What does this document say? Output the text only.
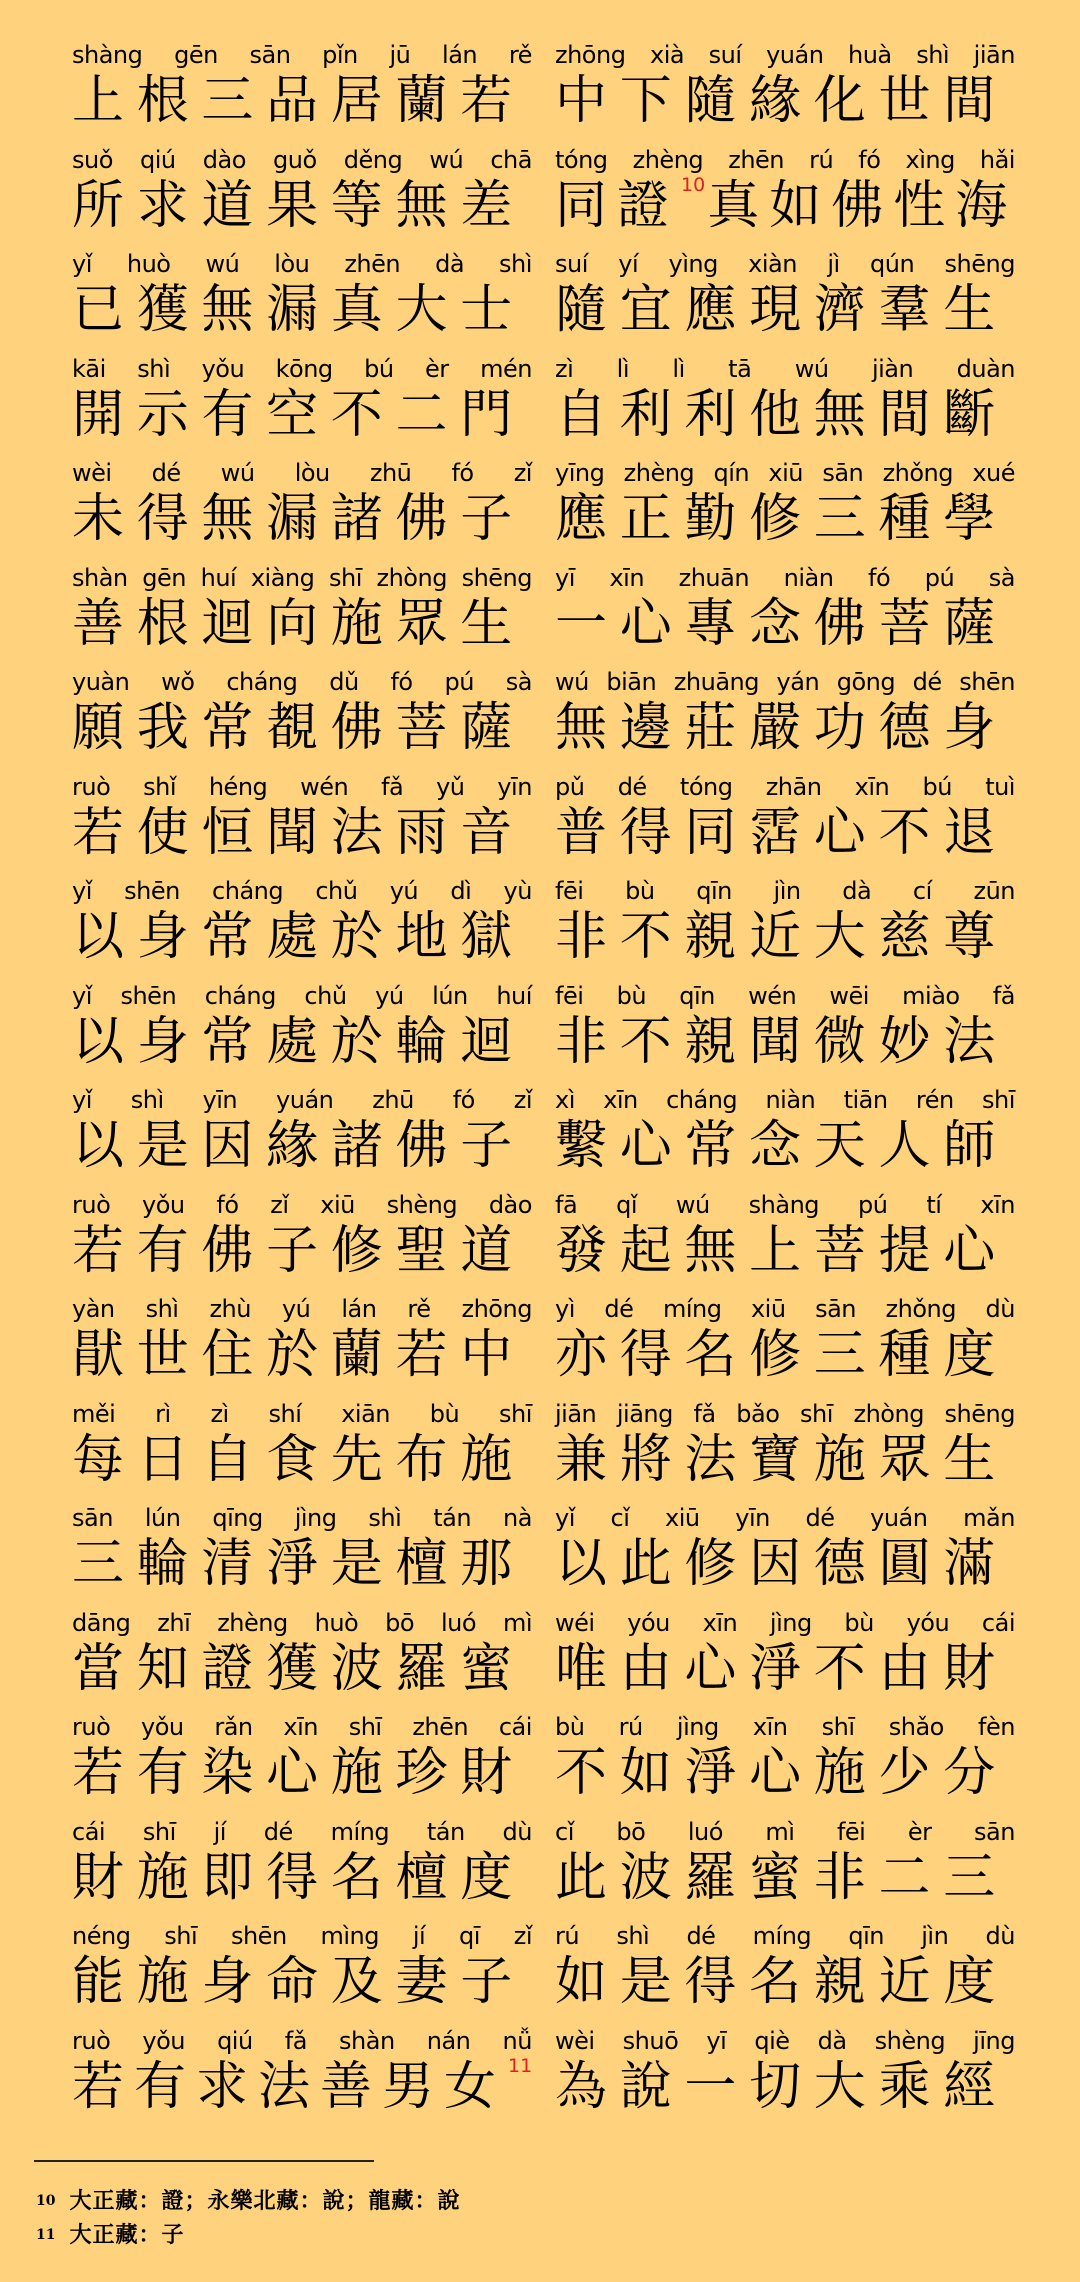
shàng gēn sān pǐn jū lán rě
上根三品居蘭若
zhōng xià suí yuán huà shì jiān
中下隨緣化世間
suǒ qiú dào guǒ děng wú chā
所求道果等無差
tóng zhèng zhēn rú fó xìng hǎi
同證 $^{10}$真如佛性海
yǐ huò wú lòu zhēn dà shì
已獲無漏真大士
suí yí yìng xiàn jì qún shēng
隨宜應現濟羣生
kāi shì yǒu kōng bú èr mén
開示有空不二門
zì lì lì tā wú jiàn duàn
自利利他無間斷
wèi dé wú lòu zhū fó zǐ
未得無漏諸佛子
yīng zhèng qín xiū sān zhǒng xué
應正勤修三種學
shàn gēn huí xiàng shī zhòng shēng
善根迴向施眾生
yī xīn zhuān niàn fó pú sà
一心專念佛菩薩
yuàn wǒ cháng dǔ fó pú sà
願我常覩佛菩薩
wú biān zhuāng yán gōng dé shēn
無邊莊嚴功德身
ruò shǐ héng wén fǎ yǔ yīn
若使恒聞法雨音
pǔ dé tóng zhān xīn bú tuì
普得同霑心不退
yǐ shēn cháng chǔ yú dì yù
以身常處於地獄
fēi bù qīn jìn dà cí zūn
非不親近大慈尊
yǐ shēn cháng chǔ yú lún huí
以身常處於輪迴
fēi bù qīn wén wēi miào fǎ
非不親聞微妙法
yǐ shì yīn yuán zhū fó zǐ
以是因緣諸佛子
xì xīn cháng niàn tiān rén shī
繫心常念天人師
ruò yǒu fó zǐ xiū shèng dào
若有佛子修聖道
fā qǐ wú shàng pú tí xīn
發起無上菩提心
yàn shì zhù yú lán rě zhōng
猒世住於蘭若中
yì dé míng xiū sān zhǒng dù
亦得名修三種度
měi rì zì shí xiān bù shī
每日自食先布施
jiān jiāng fǎ bǎo shī zhòng shēng
兼將法寶施眾生
sān lún qīng jìng shì tán nà
三輪清淨是檀那
yǐ cǐ xiū yīn dé yuán mǎn
以此修因德圓滿
dāng zhī zhèng huò bō luó mì
當知證獲波羅蜜
wéi yóu xīn jìng bù yóu cái
唯由心淨不由財
ruò yǒu rǎn xīn shī zhēn cái
若有染心施珍財
bù rú jìng xīn shī shǎo fèn
不如淨心施少分
cái shī jí dé míng tán dù
財施即得名檀度
cǐ bō luó mì fēi èr sān
此波羅蜜非二三
néng shī shēn mìng jí qī zǐ
能施身命及妻子
rú shì dé míng qīn jìn dù
如是得名親近度
ruò yǒu qiú fǎ shàn nán nǚ
若有求法善男女 $^{11}$
wèi shuō yī qiè dà shèng jīng
為說一切大乘經
$^{10}$ 大正藏：證；永樂北藏：說；龍藏：說
$^{11}$ 大正藏：子
